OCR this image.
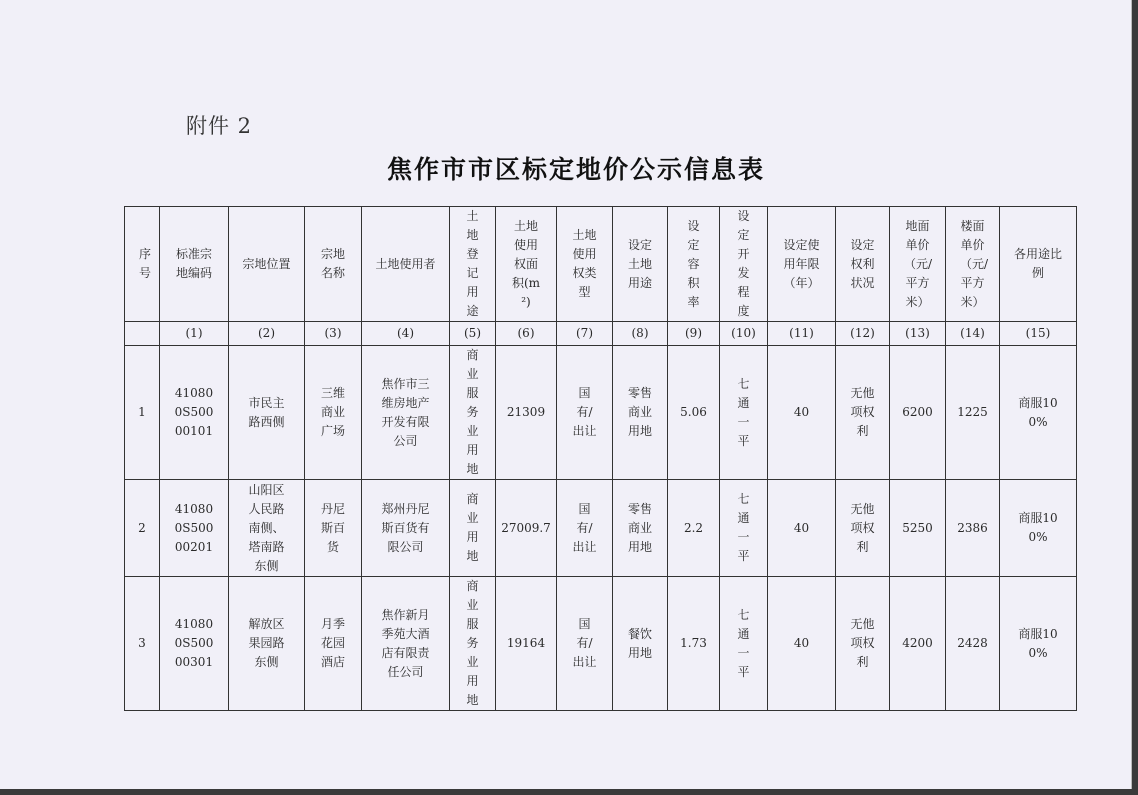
附件 2
焦作市市区标定地价公示信息表
序号	标准宗地编码	宗地位置	宗地名称	土地使用者	土地登记用途	土地使用权面积(m²)	土地使用权类型	设定土地用途	设定容积率	设定开发程度	设定使用年限（年）	设定权利状况	地面单价（元/平方米）	楼面单价（元/平方米）	各用途比例
	(1)	(2)	(3)	(4)	(5)	(6)	(7)	(8)	(9)	(10)	(11)	(12)	(13)	(14)	(15)
1	410800S50000101	市民主路西侧	三维商业广场	焦作市三维房地产开发有限公司	商业服务业用地	21309	国有/出让	零售商业用地	5.06	七通一平	40	无他项权利	6200	1225	商服100%
2	410800S50000201	山阳区人民路南侧、塔南路东侧	丹尼斯百货	郑州丹尼斯百货有限公司	商业用地	27009.7	国有/出让	零售商业用地	2.2	七通一平	40	无他项权利	5250	2386	商服100%
3	410800S50000301	解放区果园路东侧	月季花园酒店	焦作新月季苑大酒店有限责任公司	商业服务业用地	19164	国有/出让	餐饮用地	1.73	七通一平	40	无他项权利	4200	2428	商服100%
